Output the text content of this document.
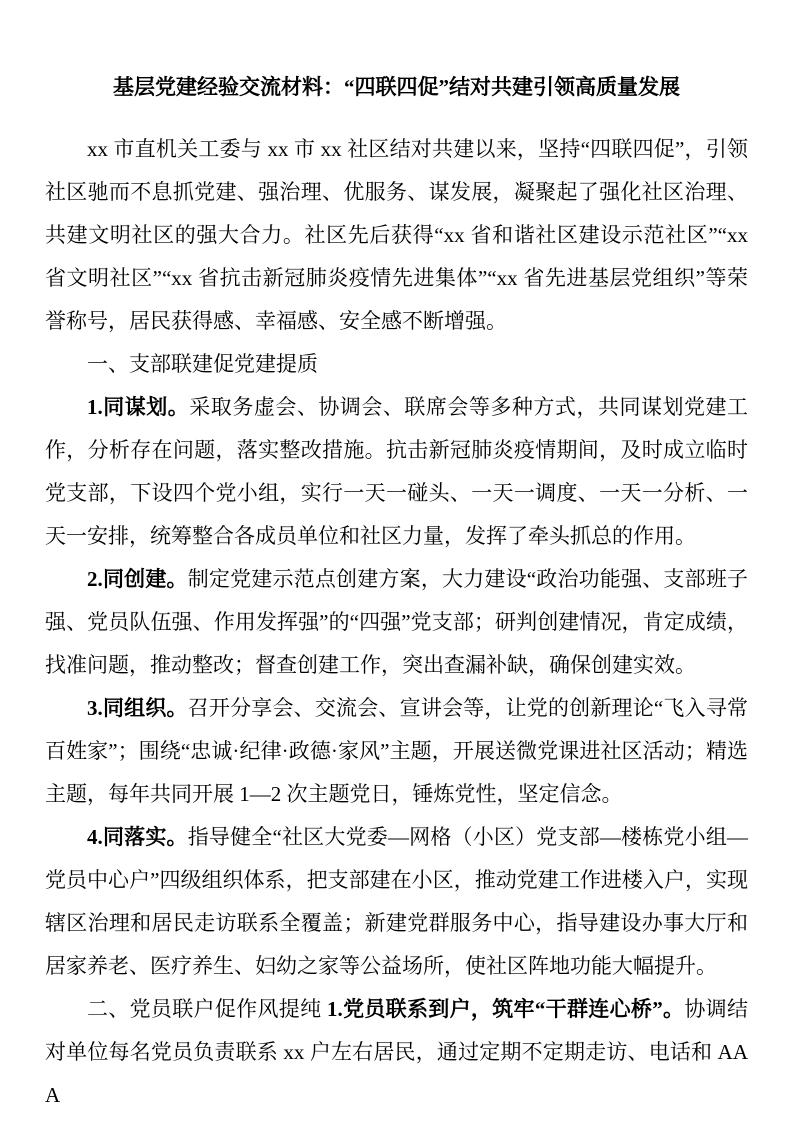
基层党建经验交流材料：“四联四促”结对共建引领高质量发展

xx 市直机关工委与 xx 市 xx 社区结对共建以来，坚持“四联四促”，引领社区驰而不息抓党建、强治理、优服务、谋发展，凝聚起了强化社区治理、共建文明社区的强大合力。社区先后获得“xx 省和谐社区建设示范社区”“xx 省文明社区”“xx 省抗击新冠肺炎疫情先进集体”“xx 省先进基层党组织”等荣誉称号，居民获得感、幸福感、安全感不断增强。

一、支部联建促党建提质

1.同谋划。采取务虚会、协调会、联席会等多种方式，共同谋划党建工作，分析存在问题，落实整改措施。抗击新冠肺炎疫情期间，及时成立临时党支部，下设四个党小组，实行一天一碰头、一天一调度、一天一分析、一天一安排，统筹整合各成员单位和社区力量，发挥了牵头抓总的作用。

2.同创建。制定党建示范点创建方案，大力建设“政治功能强、支部班子强、党员队伍强、作用发挥强”的“四强”党支部；研判创建情况，肯定成绩，找准问题，推动整改；督查创建工作，突出查漏补缺，确保创建实效。

3.同组织。召开分享会、交流会、宣讲会等，让党的创新理论“飞入寻常百姓家”；围绕“忠诚·纪律·政德·家风”主题，开展送微党课进社区活动；精选主题，每年共同开展 1—2 次主题党日，锤炼党性，坚定信念。

4.同落实。指导健全“社区大党委—网格（小区）党支部—楼栋党小组—党员中心户”四级组织体系，把支部建在小区，推动党建工作进楼入户，实现辖区治理和居民走访联系全覆盖；新建党群服务中心，指导建设办事大厅和居家养老、医疗养生、妇幼之家等公益场所，使社区阵地功能大幅提升。

二、党员联户促作风提纯 1.党员联系到户，筑牢“干群连心桥”。协调结对单位每名党员负责联系 xx 户左右居民，通过定期不定期走访、电话和 AAA
